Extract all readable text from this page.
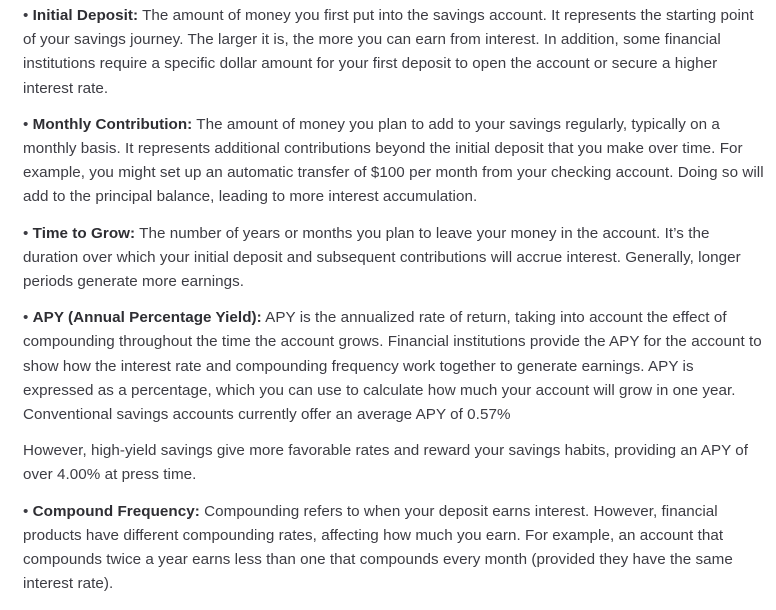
• Initial Deposit: The amount of money you first put into the savings account. It represents the starting point of your savings journey. The larger it is, the more you can earn from interest. In addition, some financial institutions require a specific dollar amount for your first deposit to open the account or secure a higher interest rate.

• Monthly Contribution: The amount of money you plan to add to your savings regularly, typically on a monthly basis. It represents additional contributions beyond the initial deposit that you make over time. For example, you might set up an automatic transfer of $100 per month from your checking account. Doing so will add to the principal balance, leading to more interest accumulation.

• Time to Grow: The number of years or months you plan to leave your money in the account. It’s the duration over which your initial deposit and subsequent contributions will accrue interest. Generally, longer periods generate more earnings.

• APY (Annual Percentage Yield): APY is the annualized rate of return, taking into account the effect of compounding throughout the time the account grows. Financial institutions provide the APY for the account to show how the interest rate and compounding frequency work together to generate earnings. APY is expressed as a percentage, which you can use to calculate how much your account will grow in one year. Conventional savings accounts currently offer an average APY of 0.57%

However, high-yield savings give more favorable rates and reward your savings habits, providing an APY of over 4.00% at press time.

• Compound Frequency: Compounding refers to when your deposit earns interest. However, financial products have different compounding rates, affecting how much you earn. For example, an account that compounds twice a year earns less than one that compounds every month (provided they have the same interest rate).
